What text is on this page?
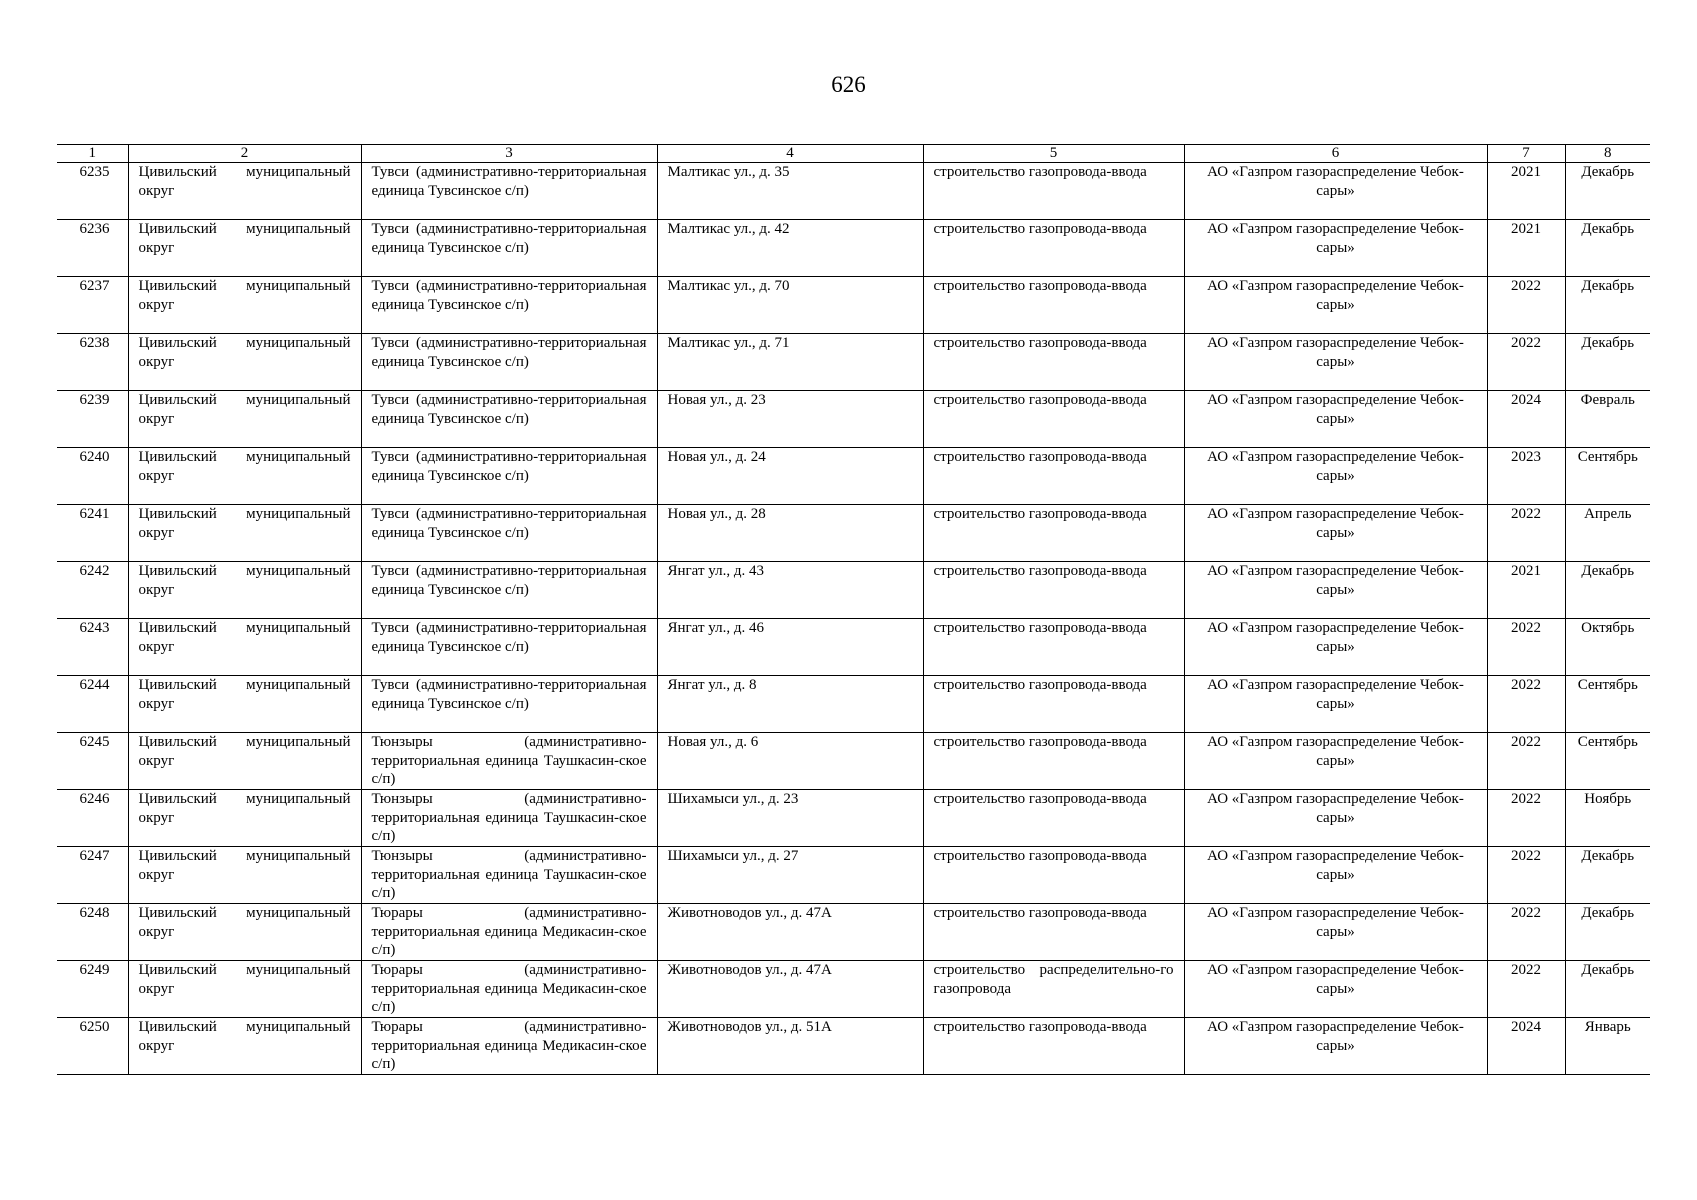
626
1	2	3	4	5	6	7	8
6235	Цивильский муниципальный округ	Тувси (административно-территориальная единица Тувсинское с/п)	Малтикас ул., д. 35	строительство газопровода-ввода	АО «Газпром газораспределение Чебок-сары»	2021	Декабрь
6236	Цивильский муниципальный округ	Тувси (административно-территориальная единица Тувсинское с/п)	Малтикас ул., д. 42	строительство газопровода-ввода	АО «Газпром газораспределение Чебок-сары»	2021	Декабрь
6237	Цивильский муниципальный округ	Тувси (административно-территориальная единица Тувсинское с/п)	Малтикас ул., д. 70	строительство газопровода-ввода	АО «Газпром газораспределение Чебок-сары»	2022	Декабрь
6238	Цивильский муниципальный округ	Тувси (административно-территориальная единица Тувсинское с/п)	Малтикас ул., д. 71	строительство газопровода-ввода	АО «Газпром газораспределение Чебок-сары»	2022	Декабрь
6239	Цивильский муниципальный округ	Тувси (административно-территориальная единица Тувсинское с/п)	Новая ул., д. 23	строительство газопровода-ввода	АО «Газпром газораспределение Чебок-сары»	2024	Февраль
6240	Цивильский муниципальный округ	Тувси (административно-территориальная единица Тувсинское с/п)	Новая ул., д. 24	строительство газопровода-ввода	АО «Газпром газораспределение Чебок-сары»	2023	Сентябрь
6241	Цивильский муниципальный округ	Тувси (административно-территориальная единица Тувсинское с/п)	Новая ул., д. 28	строительство газопровода-ввода	АО «Газпром газораспределение Чебок-сары»	2022	Апрель
6242	Цивильский муниципальный округ	Тувси (административно-территориальная единица Тувсинское с/п)	Янгат ул., д. 43	строительство газопровода-ввода	АО «Газпром газораспределение Чебок-сары»	2021	Декабрь
6243	Цивильский муниципальный округ	Тувси (административно-территориальная единица Тувсинское с/п)	Янгат ул., д. 46	строительство газопровода-ввода	АО «Газпром газораспределение Чебок-сары»	2022	Октябрь
6244	Цивильский муниципальный округ	Тувси (административно-территориальная единица Тувсинское с/п)	Янгат ул., д. 8	строительство газопровода-ввода	АО «Газпром газораспределение Чебок-сары»	2022	Сентябрь
6245	Цивильский муниципальный округ	Тюнзыры (административно-территориальная единица Таушкасин-ское с/п)	Новая ул., д. 6	строительство газопровода-ввода	АО «Газпром газораспределение Чебок-сары»	2022	Сентябрь
6246	Цивильский муниципальный округ	Тюнзыры (административно-территориальная единица Таушкасин-ское с/п)	Шихамыси ул., д. 23	строительство газопровода-ввода	АО «Газпром газораспределение Чебок-сары»	2022	Ноябрь
6247	Цивильский муниципальный округ	Тюнзыры (административно-территориальная единица Таушкасин-ское с/п)	Шихамыси ул., д. 27	строительство газопровода-ввода	АО «Газпром газораспределение Чебок-сары»	2022	Декабрь
6248	Цивильский муниципальный округ	Тюрары (административно-территориальная единица Медикасин-ское с/п)	Животноводов ул., д. 47А	строительство газопровода-ввода	АО «Газпром газораспределение Чебок-сары»	2022	Декабрь
6249	Цивильский муниципальный округ	Тюрары (административно-территориальная единица Медикасин-ское с/п)	Животноводов ул., д. 47А	строительство распределительно-го газопровода	АО «Газпром газораспределение Чебок-сары»	2022	Декабрь
6250	Цивильский муниципальный округ	Тюрары (административно-территориальная единица Медикасин-ское с/п)	Животноводов ул., д. 51А	строительство газопровода-ввода	АО «Газпром газораспределение Чебок-сары»	2024	Январь
